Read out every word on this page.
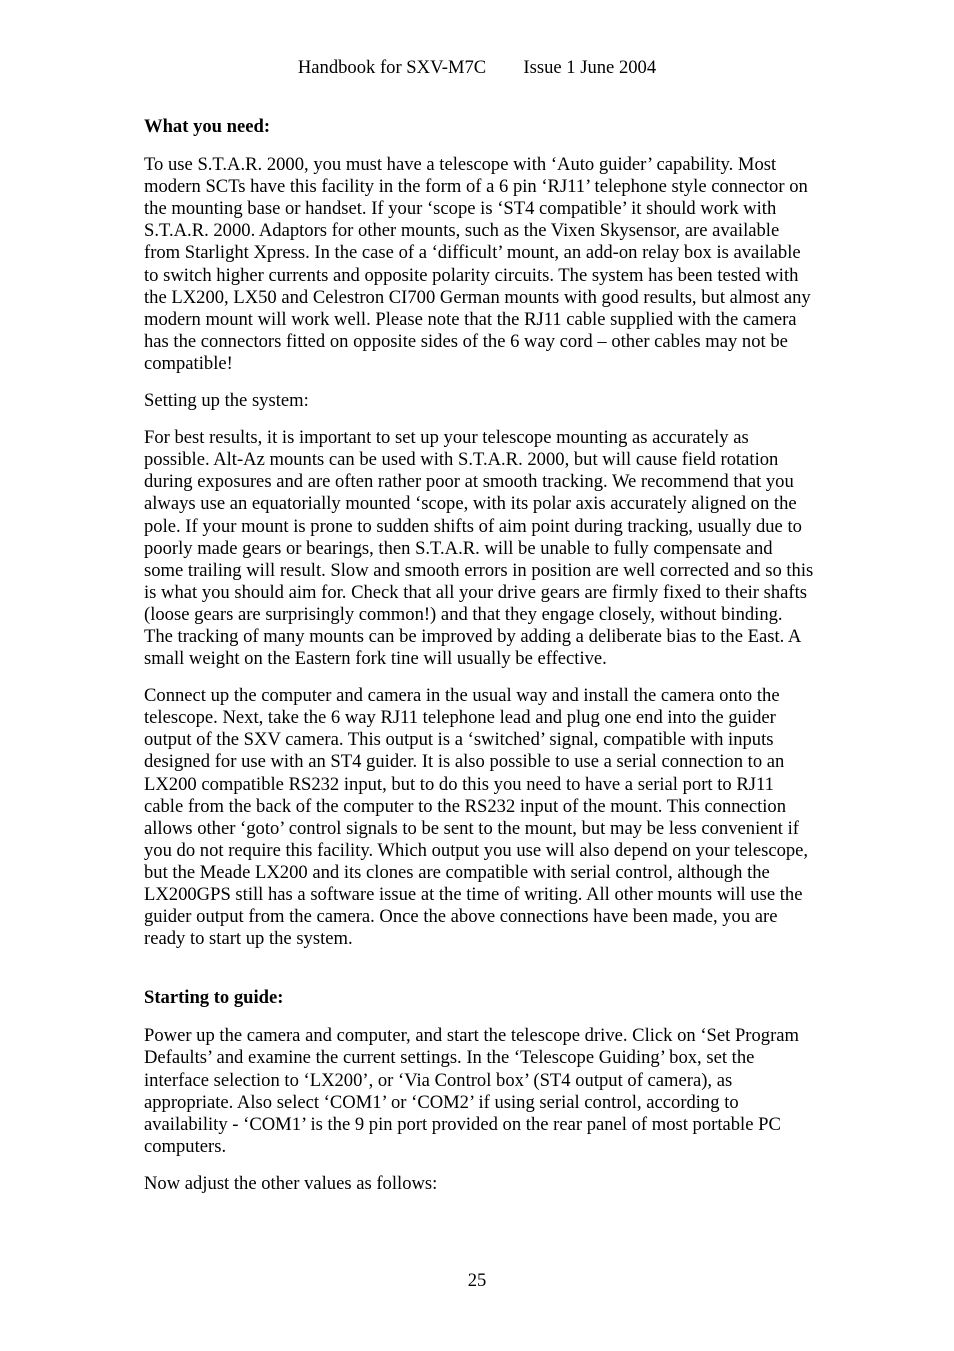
Handbook for SXV-M7C Issue 1 June 2004

What you need:

To use S.T.A.R. 2000, you must have a telescope with ‘Auto guider’ capability. Most modern SCTs have this facility in the form of a 6 pin ‘RJ11’ telephone style connector on the mounting base or handset. If your ‘scope is ‘ST4 compatible’ it should work with S.T.A.R. 2000. Adaptors for other mounts, such as the Vixen Skysensor, are available from Starlight Xpress. In the case of a ‘difficult’ mount, an add-on relay box is available to switch higher currents and opposite polarity circuits. The system has been tested with the LX200, LX50 and Celestron CI700 German mounts with good results, but almost any modern mount will work well. Please note that the RJ11 cable supplied with the camera has the connectors fitted on opposite sides of the 6 way cord – other cables may not be compatible!

Setting up the system:

For best results, it is important to set up your telescope mounting as accurately as possible. Alt-Az mounts can be used with S.T.A.R. 2000, but will cause field rotation during exposures and are often rather poor at smooth tracking. We recommend that you always use an equatorially mounted ‘scope, with its polar axis accurately aligned on the pole. If your mount is prone to sudden shifts of aim point during tracking, usually due to poorly made gears or bearings, then S.T.A.R. will be unable to fully compensate and some trailing will result. Slow and smooth errors in position are well corrected and so this is what you should aim for. Check that all your drive gears are firmly fixed to their shafts (loose gears are surprisingly common!) and that they engage closely, without binding. The tracking of many mounts can be improved by adding a deliberate bias to the East. A small weight on the Eastern fork tine will usually be effective.

Connect up the computer and camera in the usual way and install the camera onto the telescope. Next, take the 6 way RJ11 telephone lead and plug one end into the guider output of the SXV camera. This output is a ‘switched’ signal, compatible with inputs designed for use with an ST4 guider. It is also possible to use a serial connection to an LX200 compatible RS232 input, but to do this you need to have a serial port to RJ11 cable from the back of the computer to the RS232 input of the mount. This connection allows other ‘goto’ control signals to be sent to the mount, but may be less convenient if you do not require this facility. Which output you use will also depend on your telescope, but the Meade LX200 and its clones are compatible with serial control, although the LX200GPS still has a software issue at the time of writing. All other mounts will use the guider output from the camera. Once the above connections have been made, you are ready to start up the system.

Starting to guide:

Power up the camera and computer, and start the telescope drive. Click on ‘Set Program Defaults’ and examine the current settings. In the ‘Telescope Guiding’ box, set the interface selection to ‘LX200’, or ‘Via Control box’ (ST4 output of camera), as appropriate. Also select ‘COM1’ or ‘COM2’ if using serial control, according to availability - ‘COM1’ is the 9 pin port provided on the rear panel of most portable PC computers.

Now adjust the other values as follows:

25
